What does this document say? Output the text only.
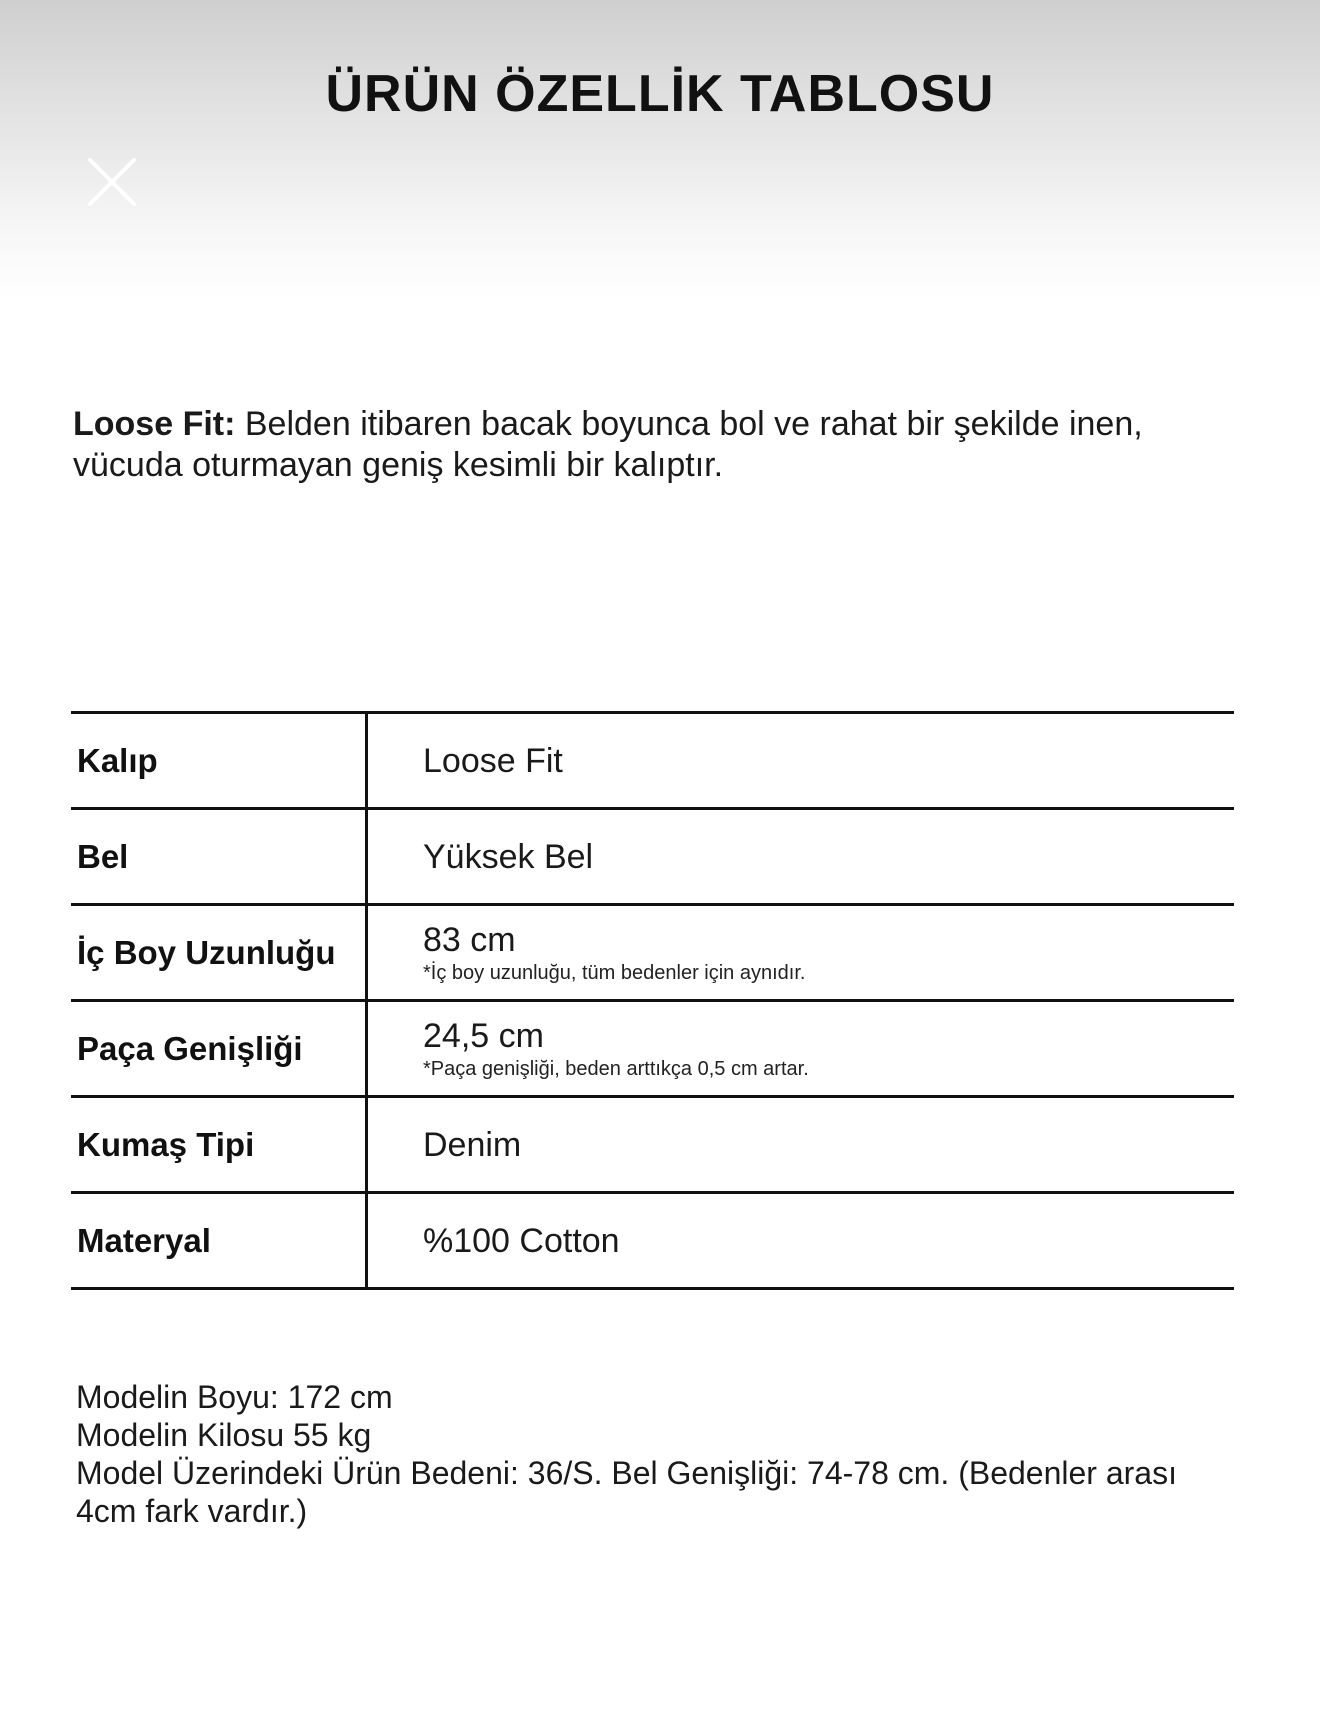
ÜRÜN ÖZELLİK TABLOSU
Loose Fit: Belden itibaren bacak boyunca bol ve rahat bir şekilde inen, vücuda oturmayan geniş kesimli bir kalıptır.
Kalıp	Loose Fit
Bel	Yüksek Bel
İç Boy Uzunluğu	83 cm
*İç boy uzunluğu, tüm bedenler için aynıdır.
Paça Genişliği	24,5 cm
*Paça genişliği, beden arttıkça 0,5 cm artar.
Kumaş Tipi	Denim
Materyal	%100 Cotton
Modelin Boyu: 172 cm
Modelin Kilosu 55 kg
Model Üzerindeki Ürün Bedeni: 36/S. Bel Genişliği: 74-78 cm. (Bedenler arası 4cm fark vardır.)
